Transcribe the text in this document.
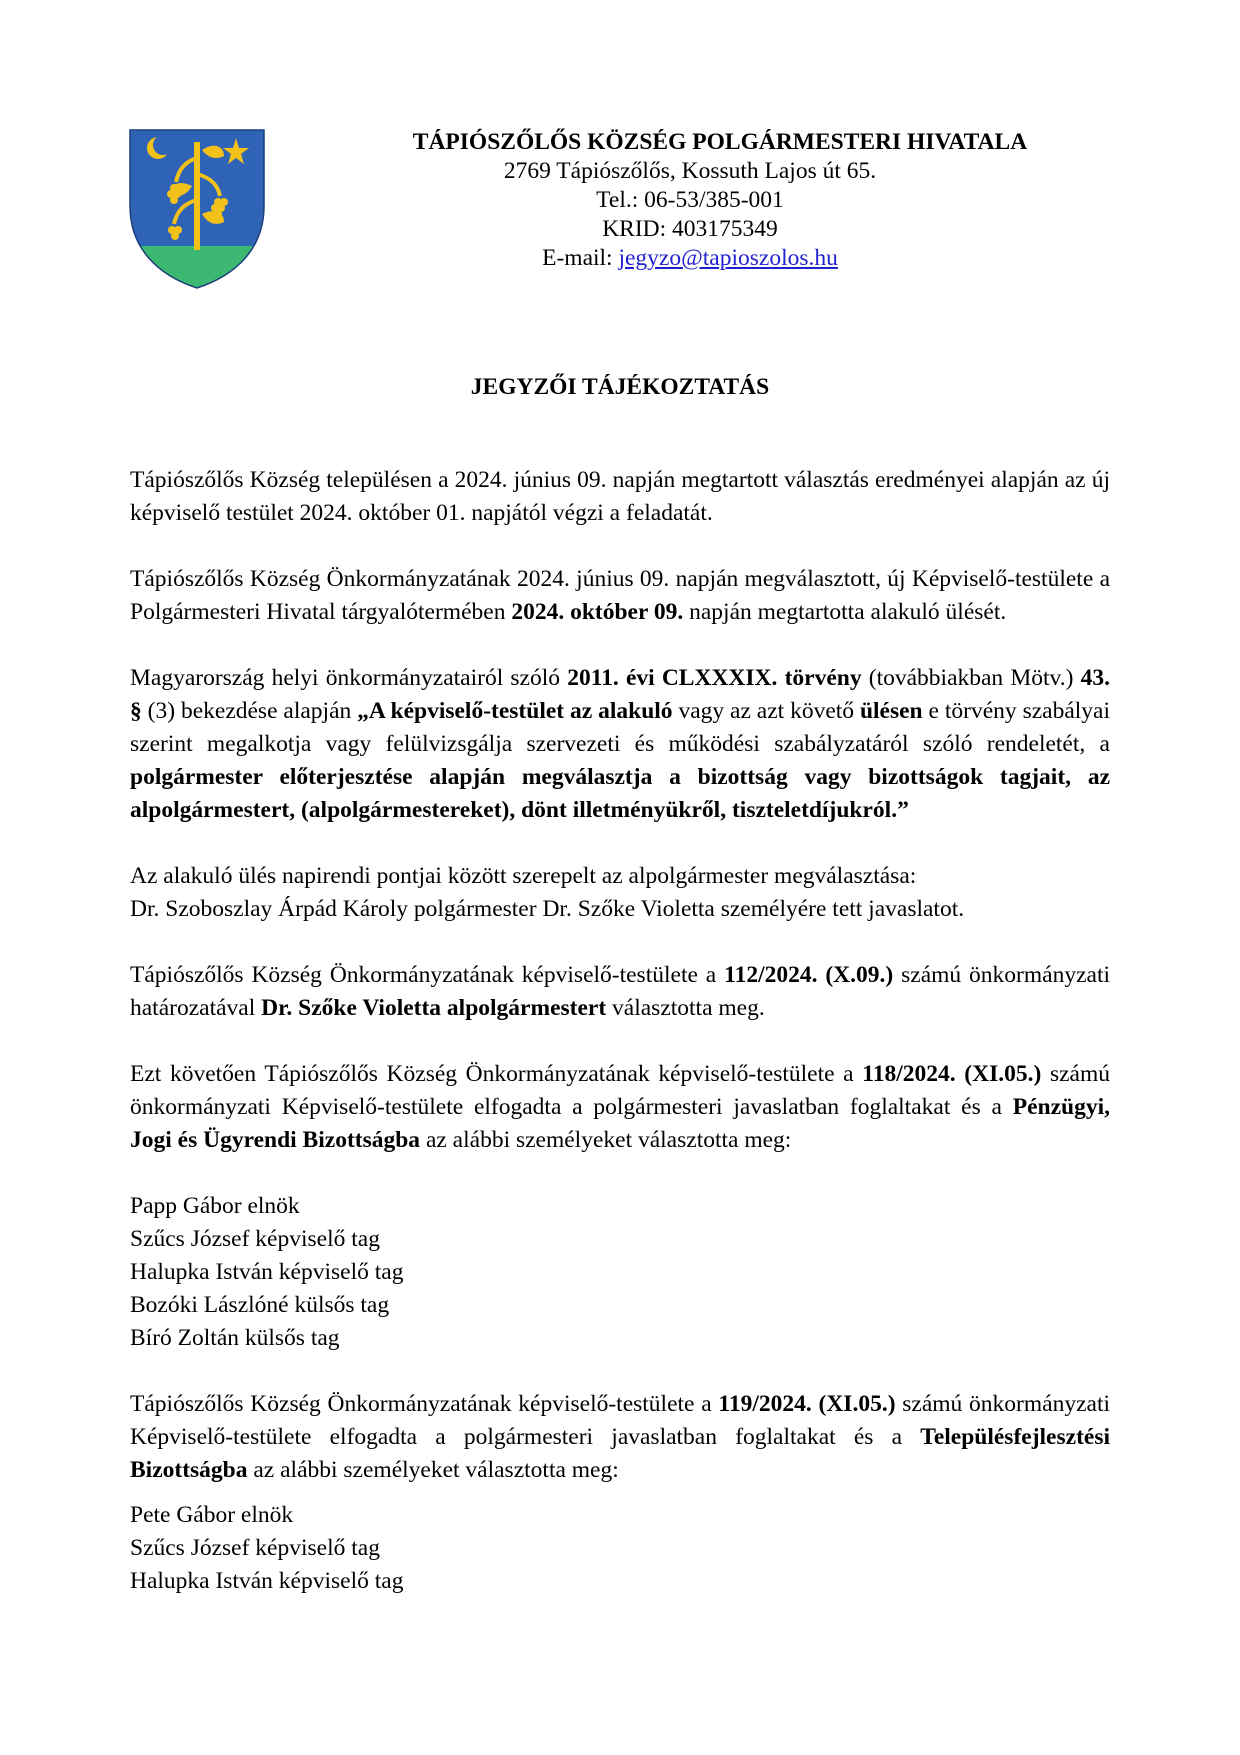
TÁPIÓSZŐLŐS KÖZSÉG POLGÁRMESTERI HIVATALA
2769 Tápiószőlős, Kossuth Lajos út 65.
Tel.: 06-53/385-001
KRID: 403175349
E-mail: jegyzo@tapioszolos.hu
JEGYZŐI TÁJÉKOZTATÁS

Tápiószőlős Község településen a 2024. június 09. napján megtartott választás eredményei alapján az új képviselő testület 2024. október 01. napjától végzi a feladatát.

Tápiószőlős Község Önkormányzatának 2024. június 09. napján megválasztott, új Képviselő-testülete a Polgármesteri Hivatal tárgyalótermében 2024. október 09. napján megtartotta alakuló ülését.

Magyarország helyi önkormányzatairól szóló 2011. évi CLXXXIX. törvény (továbbiakban Mötv.) 43. § (3) bekezdése alapján „A képviselő-testület az alakuló vagy az azt követő ülésen e törvény szabályai szerint megalkotja vagy felülvizsgálja szervezeti és működési szabályzatáról szóló rendeletét, a polgármester előterjesztése alapján megválasztja a bizottság vagy bizottságok tagjait, az alpolgármestert, (alpolgármestereket), dönt illetményükről, tiszteletdíjukról.”

Az alakuló ülés napirendi pontjai között szerepelt az alpolgármester megválasztása:
Dr. Szoboszlay Árpád Károly polgármester Dr. Szőke Violetta személyére tett javaslatot.

Tápiószőlős Község Önkormányzatának képviselő-testülete a 112/2024. (X.09.) számú önkormányzati határozatával Dr. Szőke Violetta alpolgármestert választotta meg.

Ezt követően Tápiószőlős Község Önkormányzatának képviselő-testülete a 118/2024. (XI.05.) számú önkormányzati Képviselő-testülete elfogadta a polgármesteri javaslatban foglaltakat és a Pénzügyi, Jogi és Ügyrendi Bizottságba az alábbi személyeket választotta meg:

Papp Gábor elnök
Szűcs József képviselő tag
Halupka István képviselő tag
Bozóki Lászlóné külsős tag
Bíró Zoltán külsős tag

Tápiószőlős Község Önkormányzatának képviselő-testülete a 119/2024. (XI.05.) számú önkormányzati Képviselő-testülete elfogadta a polgármesteri javaslatban foglaltakat és a Településfejlesztési Bizottságba az alábbi személyeket választotta meg:

Pete Gábor elnök
Szűcs József képviselő tag
Halupka István képviselő tag
